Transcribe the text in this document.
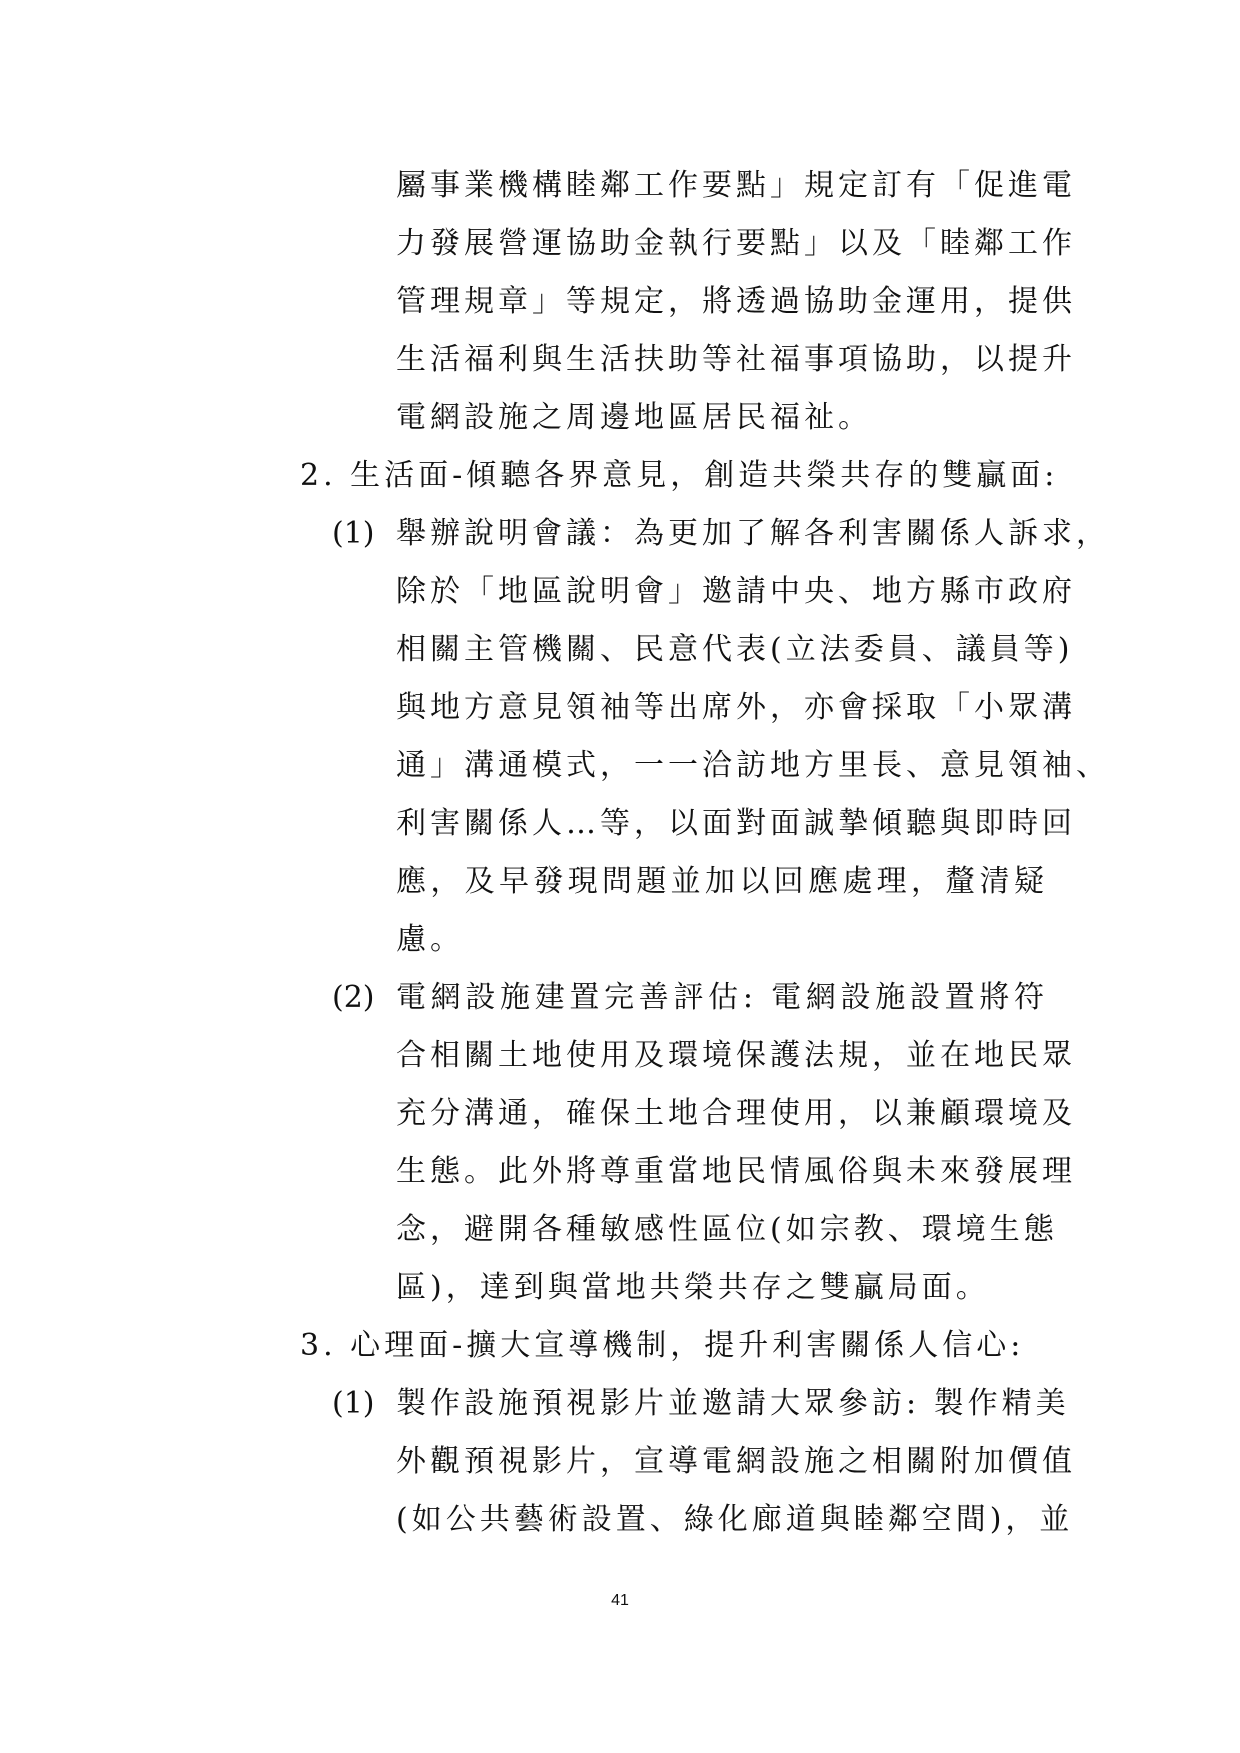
屬事業機構睦鄰工作要點」規定訂有「促進電
力發展營運協助金執行要點」以及「睦鄰工作
管理規章」等規定，將透過協助金運用，提供
生活福利與生活扶助等社福事項協助，以提升
電網設施之周邊地區居民福祉。
2. 生活面-傾聽各界意見，創造共榮共存的雙贏面:
(1) 舉辦說明會議：為更加了解各利害關係人訴求，
除於「地區說明會」邀請中央、地方縣市政府
相關主管機關、民意代表(立法委員、議員等)
與地方意見領袖等出席外，亦會採取「小眾溝
通」溝通模式，一一洽訪地方里長、意見領袖、
利害關係人…等，以面對面誠摯傾聽與即時回
應，及早發現問題並加以回應處理，釐清疑
慮。
(2) 電網設施建置完善評估: 電網設施設置將符
合相關土地使用及環境保護法規，並在地民眾
充分溝通，確保土地合理使用，以兼顧環境及
生態。此外將尊重當地民情風俗與未來發展理
念，避開各種敏感性區位(如宗教、環境生態
區)，達到與當地共榮共存之雙贏局面。
3. 心理面-擴大宣導機制，提升利害關係人信心:
(1) 製作設施預視影片並邀請大眾參訪: 製作精美
外觀預視影片，宣導電網設施之相關附加價值
(如公共藝術設置、綠化廊道與睦鄰空間)，並
41
